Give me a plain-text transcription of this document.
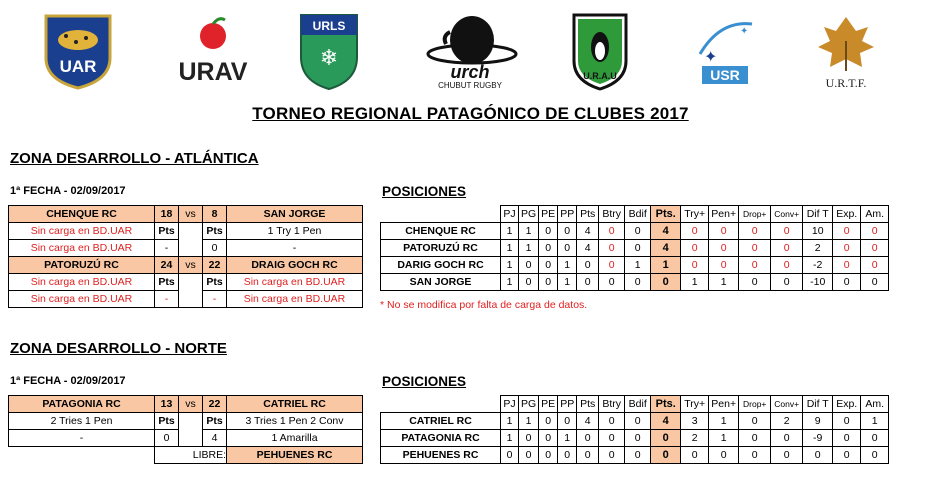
UAR	URAV
URLS
❄
urch
CHUBUT RUGBY
U.R.A.U
✦
✦
USR	U.R.T.F.
TORNEO REGIONAL PATAGÓNICO DE CLUBES 2017
ZONA DESARROLLO - ATLÁNTICA
1ª FECHA - 02/09/2017	POSICIONES
CHENQUE RC	18	vs	8	SAN JORGE
Sin carga en BD.UAR	Pts		Pts	1 Try 1 Pen
Sin carga en BD.UAR	-		0	-
PATORUZÚ RC	24	vs	22	DRAIG GOCH RC
Sin carga en BD.UAR	Pts		Pts	Sin carga en BD.UAR
Sin carga en BD.UAR	-		-	Sin carga en BD.UAR
	PJ	PG	PE	PP	Pts	Btry	Bdif	Pts.	Try+	Pen+	Drop+	Conv+	Dif T	Exp.	Am.
CHENQUE RC	1	1	0	0	4	0	0	4	0	0	0	0	10	0	0
PATORUZÚ RC	1	1	0	0	4	0	0	4	0	0	0	0	2	0	0
DARIG GOCH RC	1	0	0	1	0	0	1	1	0	0	0	0	-2	0	0
SAN JORGE	1	0	0	1	0	0	0	0	1	1	0	0	-10	0	0
* No se modifica por falta de carga de datos.
ZONA DESARROLLO - NORTE
1ª FECHA - 02/09/2017	POSICIONES
PATAGONIA RC	13	vs	22	CATRIEL RC
2 Tries 1 Pen	Pts		Pts	3 Tries 1 Pen 2 Conv
-	0		4	1 Amarilla
	LIBRE:			PEHUENES RC
	PJ	PG	PE	PP	Pts	Btry	Bdif	Pts.	Try+	Pen+	Drop+	Conv+	Dif T	Exp.	Am.
CATRIEL RC	1	1	0	0	4	0	0	4	3	1	0	2	9	0	1
PATAGONIA RC	1	0	0	1	0	0	0	0	2	1	0	0	-9	0	0
PEHUENES RC	0	0	0	0	0	0	0	0	0	0	0	0	0	0	0
